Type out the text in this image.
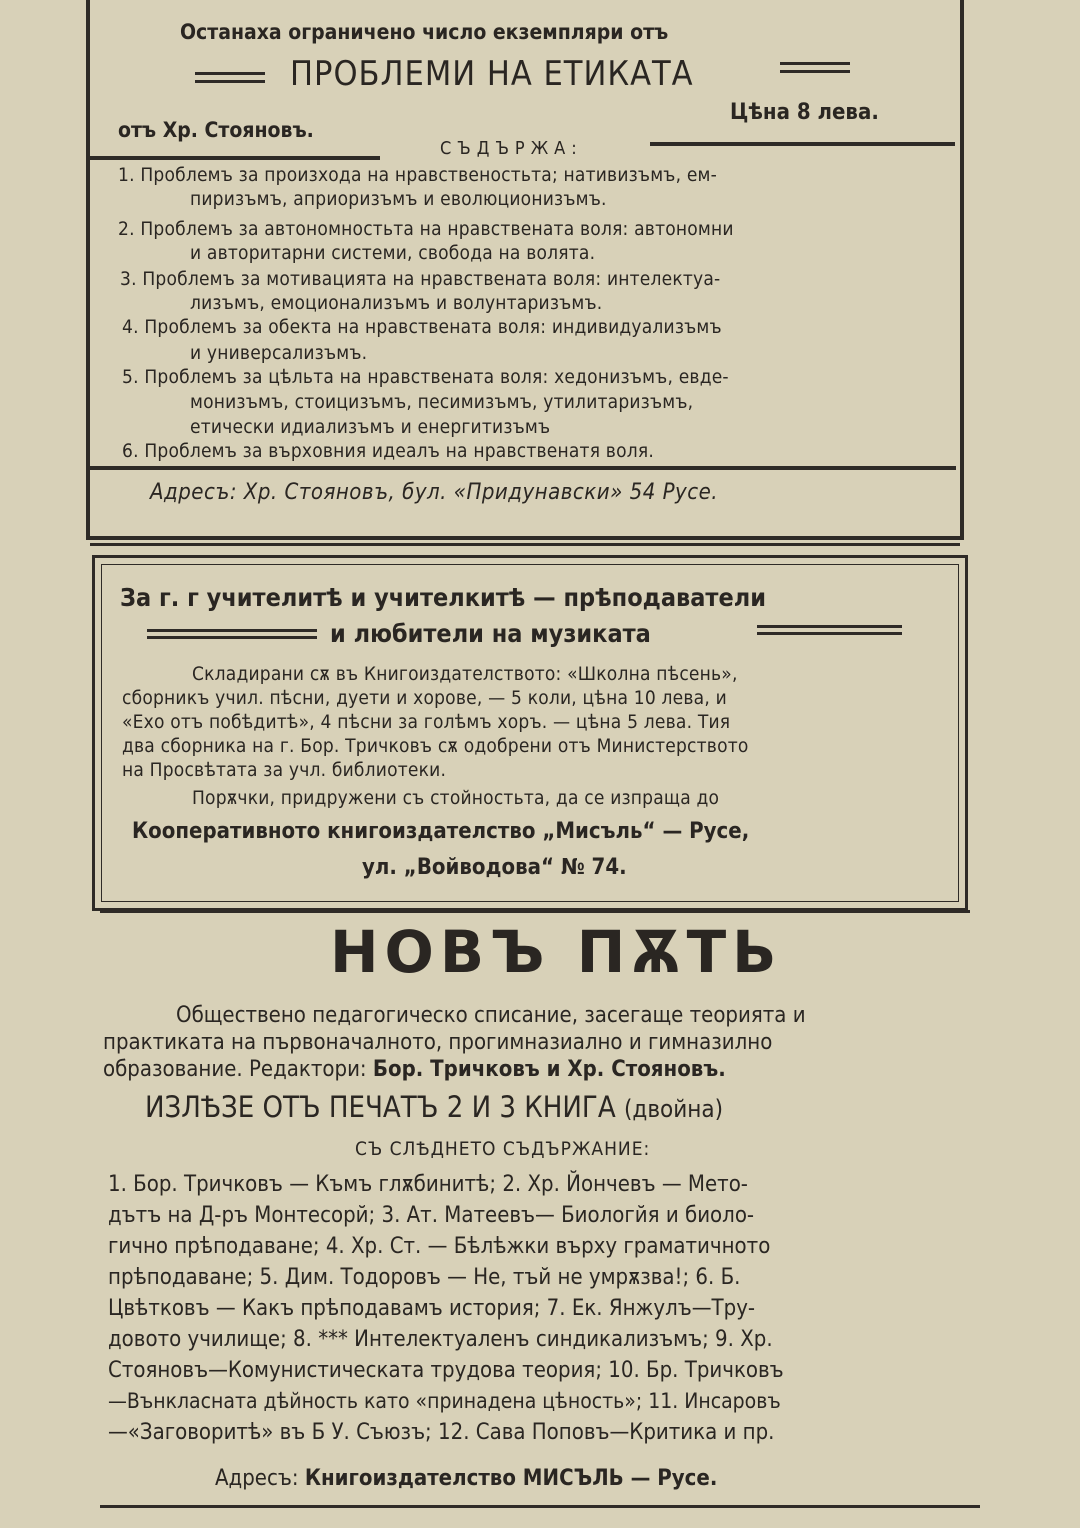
Останаха ограничено число екземпляри отъ
ПРОБЛЕМИ НА ЕТИКАТА
отъ Хр. Стояновъ.
Цѣна 8 лева.
СЪДЪРЖА:
1. Проблемъ за произхода на нравственостьта; нативизъмъ, ем-
пиризъмъ, априоризъмъ и еволюционизъмъ.
2. Проблемъ за автономностьта на нравствената воля: автономни
и авторитарни системи, свобода на волята.
3. Проблемъ за мотивацията на нравствената воля: интелектуа-
лизъмъ, емоционализъмъ и волунтаризъмъ.
4. Проблемъ за обекта на нравствената воля: индивидуализъмъ
и универсализъмъ.
5. Проблемъ за цѣльта на нравствената воля: хедонизъмъ, евде-
монизъмъ, стоицизъмъ, песимизъмъ, утилитаризъмъ,
етически идиализъмъ и енергитизъмъ
6. Проблемъ за върховния идеалъ на нравственатя воля.
Адресъ: Хр. Стояновъ, бул. «Придунавски» 54 Русе.
За г. г учителитѣ и учителкитѣ — прѣподаватели
и любители на музиката
Складирани сѫ въ Книгоиздателството: «Школна пѣсень»,
сборникъ учил. пѣсни, дуети и хорове, — 5 коли, цѣна 10 лева, и
«Ехо отъ побѣдитѣ», 4 пѣсни за голѣмъ хоръ. — цѣна 5 лева. Тия
два сборника на г. Бор. Тричковъ сѫ одобрени отъ Министерството
на Просвѣтата за учл. библиотеки.
Порѫчки, придружени съ стойностьта, да се изпраща до
Кооперативното книгоиздателство „Мисъль“ — Русе,
ул. „Войводова“ № 74.
НОВЪ ПѪТЬ
Обществено педагогическо списание, засегаще теорията и
практиката на първоначалното, прогимназиално и гимназилно
образование. Редактори: Бор. Тричковъ и Хр. Стояновъ.
ИЗЛѢЗЕ ОТЪ ПЕЧАТЪ 2 И 3 КНИГА (двойна)
СЪ СЛѢДНЕТО СЪДЪРЖАНИЕ:
1. Бор. Тричковъ — Къмъ глѫбинитѣ; 2. Хр. Йончевъ — Мето-
дътъ на Д-ръ Монтесорй; 3. Ат. Матеевъ— Биологйя и биоло-
гично прѣподаване; 4. Хр. Ст. — Бѣлѣжки върху граматичното
прѣподаване; 5. Дим. Тодоровъ — Не, тъй не умрѫзва!; 6. Б.
Цвѣтковъ — Какъ прѣподавамъ история; 7. Ек. Янжулъ—Тру-
довото училище; 8. *** Интелектуаленъ синдикализъмъ; 9. Хр.
Стояновъ—Комунистическата трудова теория; 10. Бр. Тричковъ
—Вънкласната дѣйность като «принадена цѣность»; 11. Инсаровъ
—«Заговоритѣ» въ Б У. Съюзъ; 12. Сава Поповъ—Критика и пр.
Адресъ: Книгоиздателство МИСЪЛЬ — Русе.
